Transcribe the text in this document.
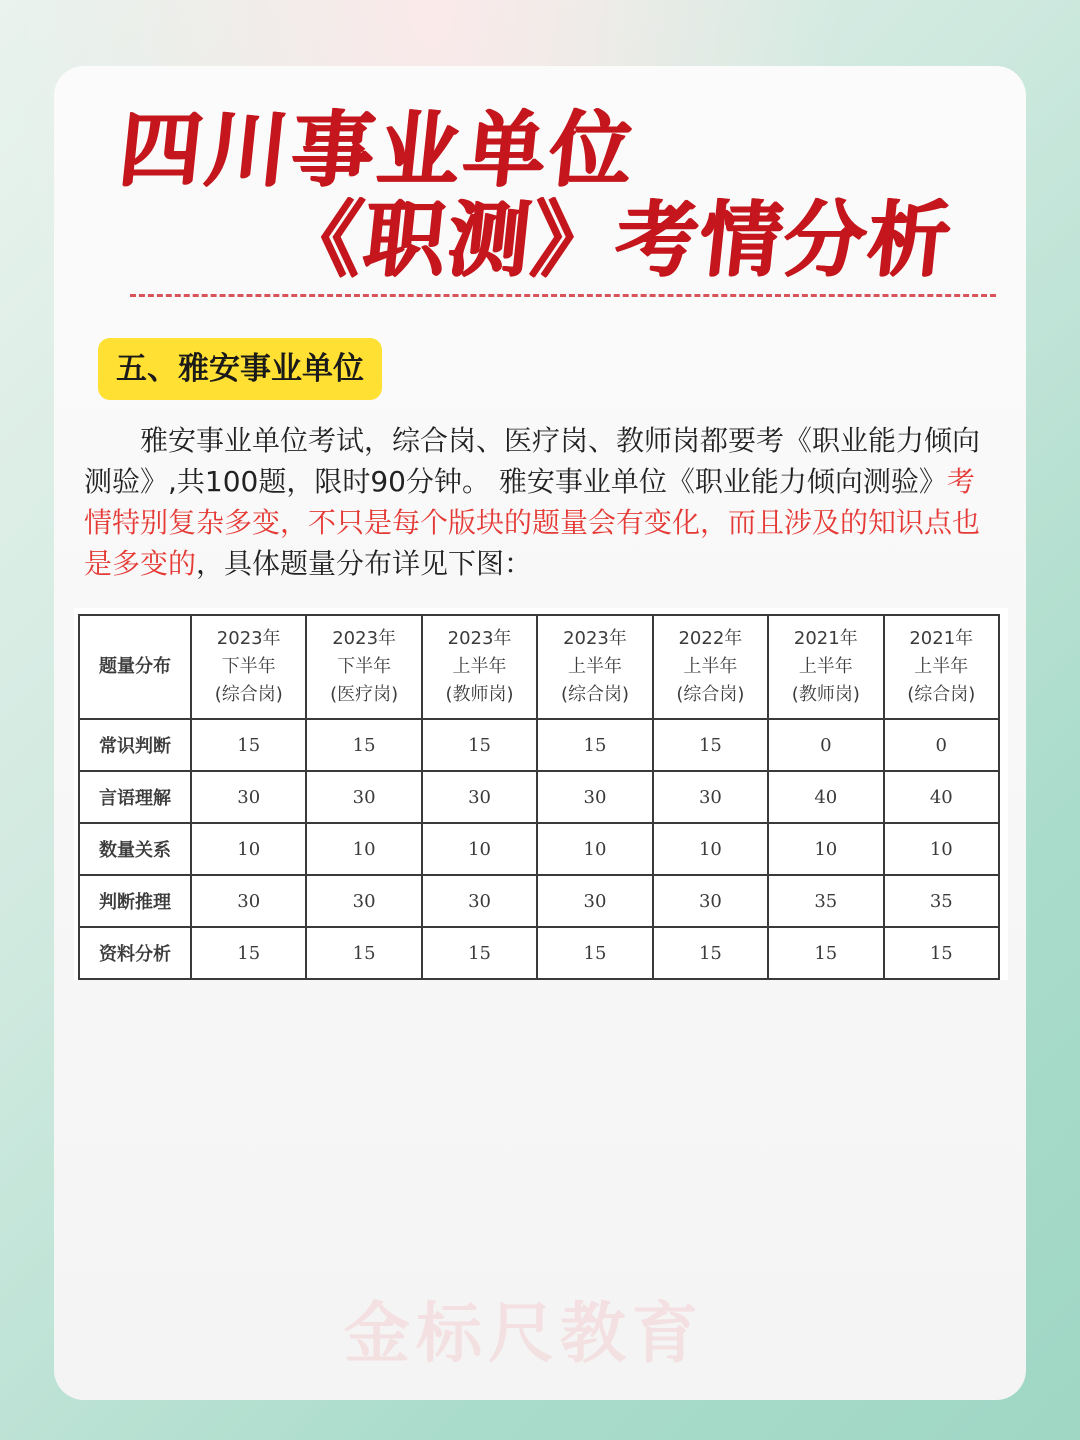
四川事业单位
《职测》考情分析
五、雅安事业单位

雅安事业单位考试，综合岗、医疗岗、教师岗都要考《职业能力倾向测验》,共100题，限时90分钟。 雅安事业单位《职业能力倾向测验》考情特别复杂多变，不只是每个版块的题量会有变化，而且涉及的知识点也是多变的，具体题量分布详见下图：

题量分布	2023年
下半年
(综合岗)	2023年
下半年
(医疗岗)	2023年
上半年
(教师岗)	2023年
上半年
(综合岗)	2022年
上半年
(综合岗)	2021年
上半年
(教师岗)	2021年
上半年
(综合岗)

常识判断	15	15	15	15	15	0	0
言语理解	30	30	30	30	30	40	40
数量关系	10	10	10	10	10	10	10
判断推理	30	30	30	30	30	35	35
资料分析	15	15	15	15	15	15	15
